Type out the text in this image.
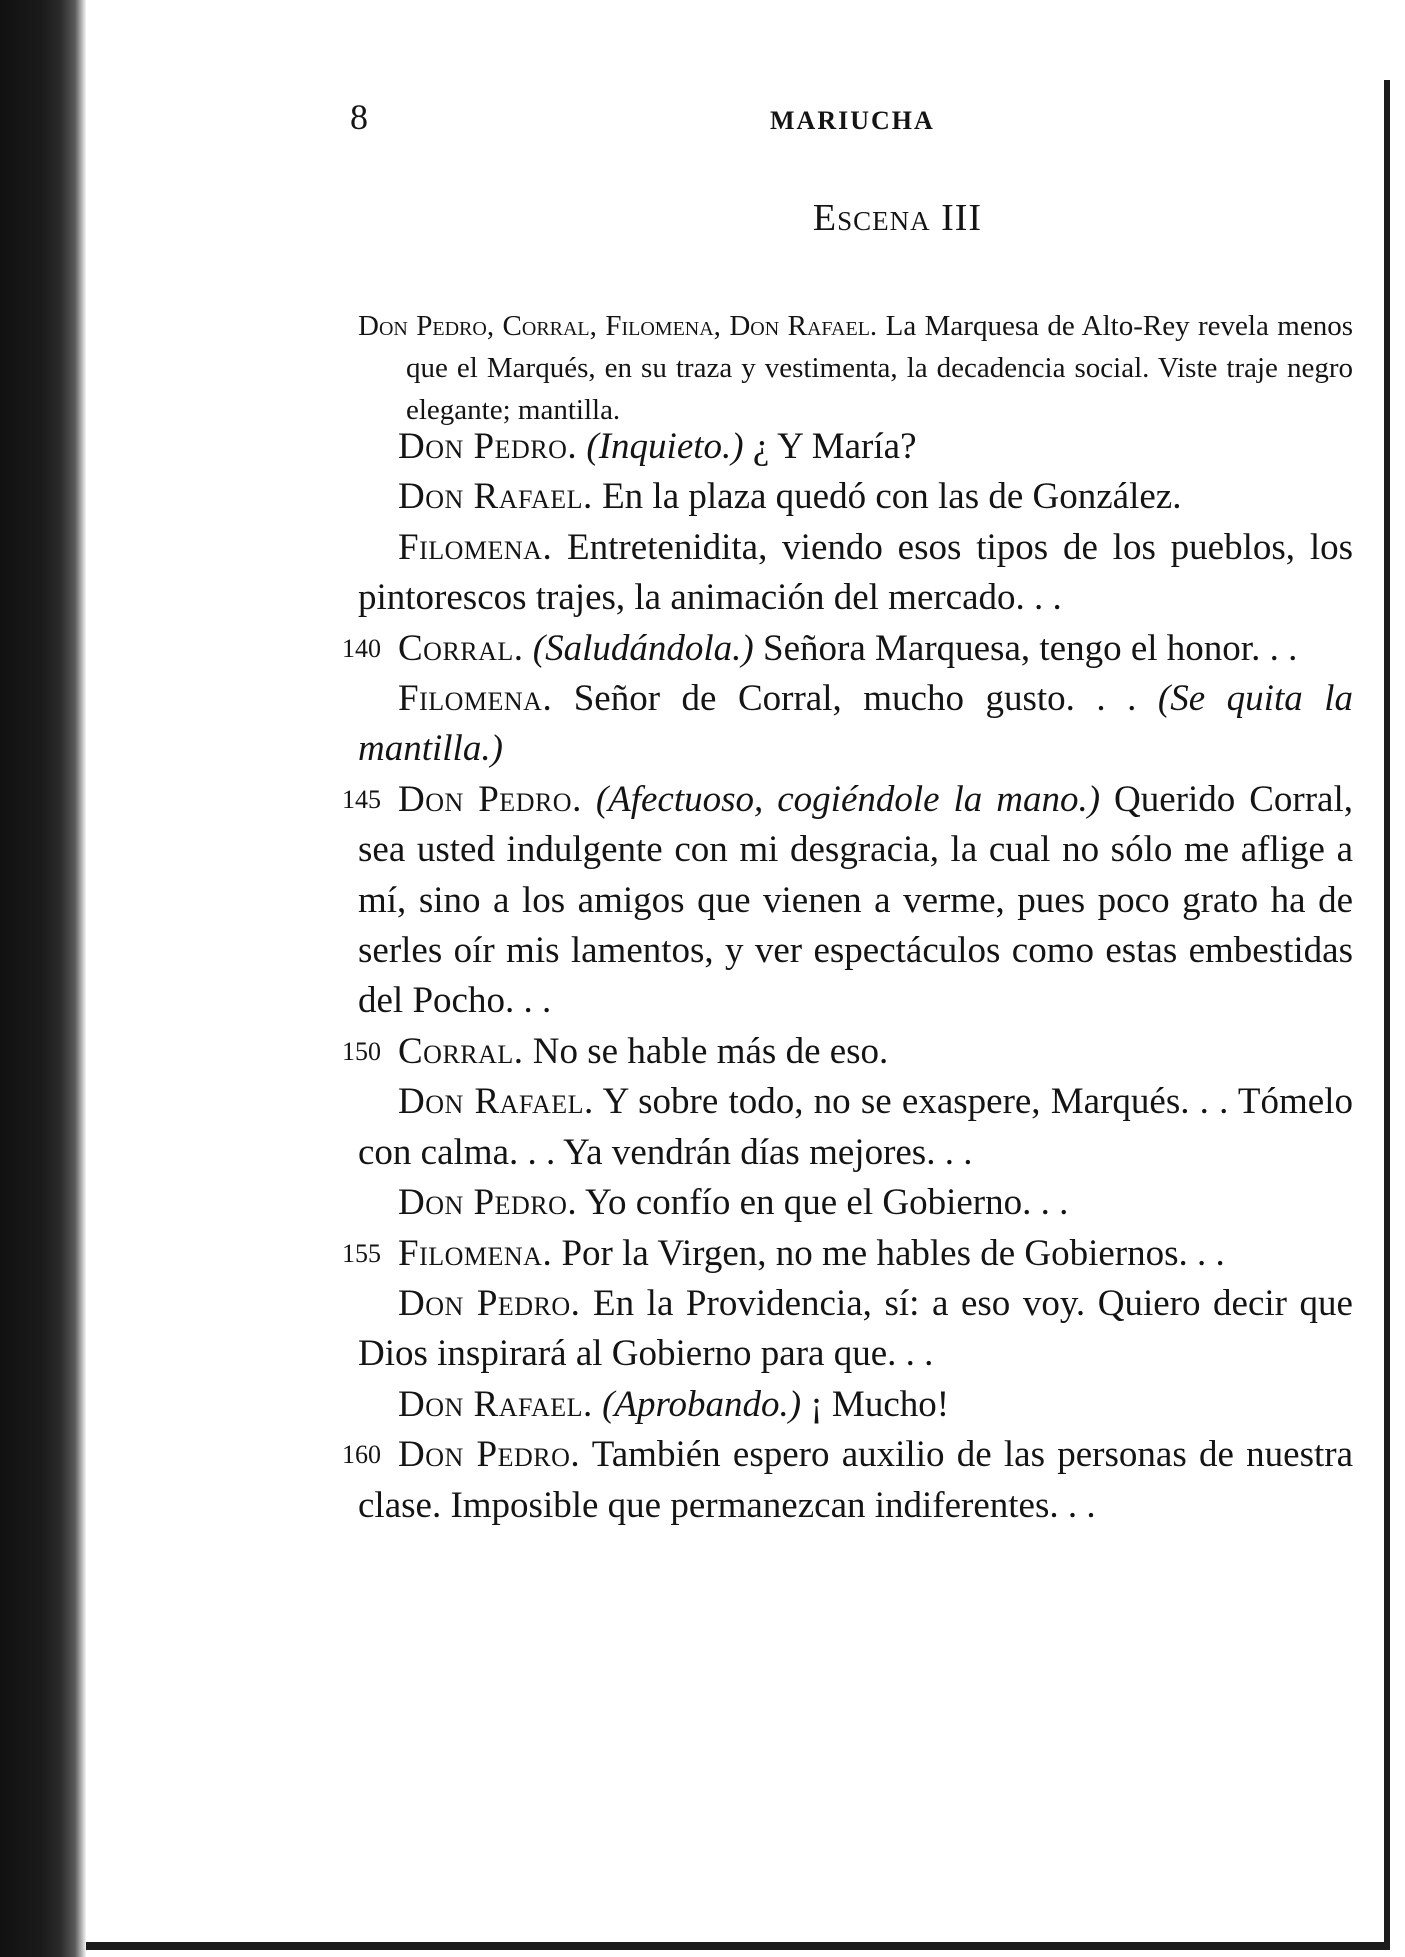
8	MARIUCHA
Escena III

Don Pedro, Corral, Filomena, Don Rafael. La Marquesa de Alto-Rey revela menos que el Marqués, en su traza y vestimenta, la decadencia social. Viste traje negro elegante; mantilla.

Don Pedro. (Inquieto.) ¿ Y María?

Don Rafael. En la plaza quedó con las de González.

140
Filomena. Entretenidita, viendo esos tipos de los pueblos, los pintorescos trajes, la animación del mercado. . .

Corral. (Saludándola.) Señora Marquesa, tengo el honor. . .

Filomena. Señor de Corral, mucho gusto. . . (Se quita la mantilla.)

145
150
Don Pedro. (Afectuoso, cogiéndole la mano.) Querido Corral, sea usted indulgente con mi desgracia, la cual no sólo me aflige a mí, sino a los amigos que vienen a verme, pues poco grato ha de serles oír mis lamentos, y ver espectáculos como estas embestidas del Pocho. . .

Corral. No se hable más de eso.

Don Rafael. Y sobre todo, no se exaspere, Marqués. . . Tómelo con calma. . . Ya vendrán días mejores. . .

Don Pedro. Yo confío en que el Gobierno. . .

155 Filomena. Por la Virgen, no me hables de Gobiernos. . .

Don Pedro. En la Providencia, sí: a eso voy. Quiero decir que Dios inspirará al Gobierno para que. . .

Don Rafael. (Aprobando.) ¡ Mucho!

160 Don Pedro. También espero auxilio de las personas de nuestra clase. Imposible que permanezcan indiferentes. . .
